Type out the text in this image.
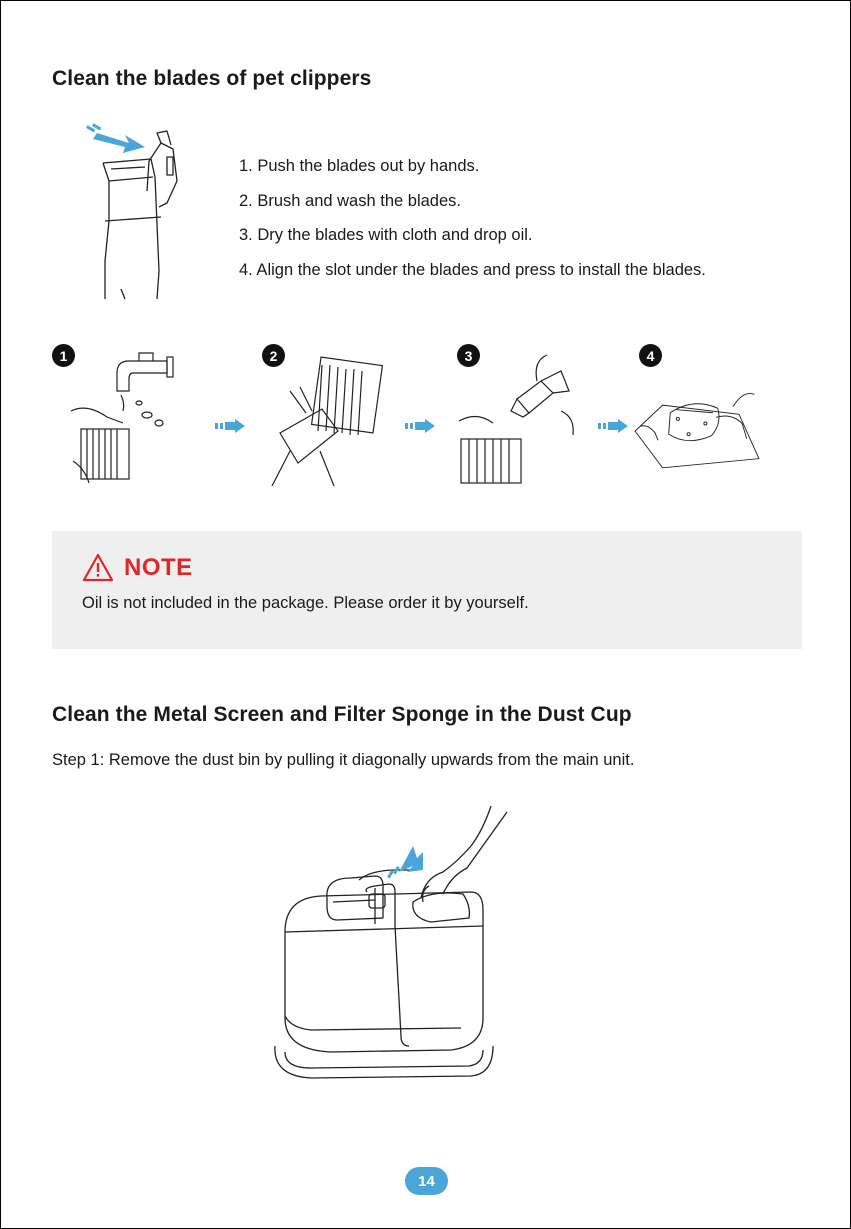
Clean the blades of pet clippers
1. Push the blades out by hands.
2. Brush and wash the blades.
3. Dry the blades with cloth and drop oil.
4. Align the slot under the blades and press to install the blades.
1	2	3	4
NOTE
Oil is not included in the package. Please order it by yourself.
Clean the Metal Screen and Filter Sponge in the Dust Cup
Step 1: Remove the dust bin by pulling it diagonally upwards from the main unit.
14
